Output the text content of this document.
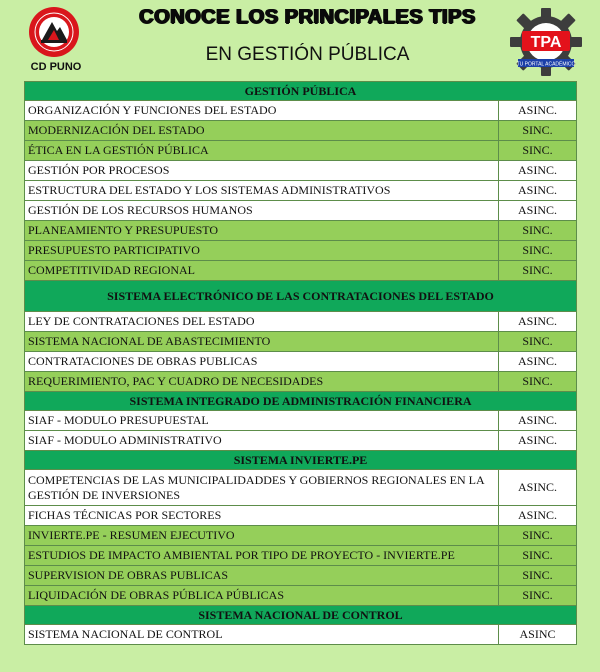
CD PUNO
CONOCE LOS PRINCIPALES TIPS
EN GESTIÓN PÚBLICA
TPA
TU PORTAL ACADÉMICO
GESTIÓN PÚBLICA	
ORGANIZACIÓN Y FUNCIONES DEL ESTADO	ASINC.
MODERNIZACIÓN DEL ESTADO	SINC.
ÉTICA EN LA GESTIÓN PÚBLICA	SINC.
GESTIÓN POR PROCESOS	ASINC.
ESTRUCTURA DEL ESTADO Y LOS SISTEMAS ADMINISTRATIVOS	ASINC.
GESTIÓN DE LOS RECURSOS HUMANOS	ASINC.
PLANEAMIENTO Y PRESUPUESTO	SINC.
PRESUPUESTO PARTICIPATIVO	SINC.
COMPETITIVIDAD REGIONAL	SINC.
SISTEMA ELECTRÓNICO DE LAS CONTRATACIONES DEL ESTADO	
LEY DE CONTRATACIONES DEL ESTADO	ASINC.
SISTEMA NACIONAL DE ABASTECIMIENTO	SINC.
CONTRATACIONES DE OBRAS PUBLICAS	ASINC.
REQUERIMIENTO, PAC Y CUADRO DE NECESIDADES	SINC.
SISTEMA INTEGRADO DE ADMINISTRACIÓN FINANCIERA	
SIAF - MODULO PRESUPUESTAL	ASINC.
SIAF - MODULO ADMINISTRATIVO	ASINC.
SISTEMA INVIERTE.PE	
COMPETENCIAS DE LAS MUNICIPALIDADDES Y GOBIERNOS REGIONALES EN LA GESTIÓN DE INVERSIONES	ASINC.
FICHAS TÉCNICAS POR SECTORES	ASINC.
INVIERTE.PE - RESUMEN EJECUTIVO	SINC.
ESTUDIOS DE IMPACTO AMBIENTAL POR TIPO DE PROYECTO - INVIERTE.PE	SINC.
SUPERVISION DE OBRAS PUBLICAS	SINC.
LIQUIDACIÓN DE OBRAS PÚBLICA PÚBLICAS	SINC.
SISTEMA NACIONAL DE CONTROL	
SISTEMA NACIONAL DE CONTROL	ASINC
